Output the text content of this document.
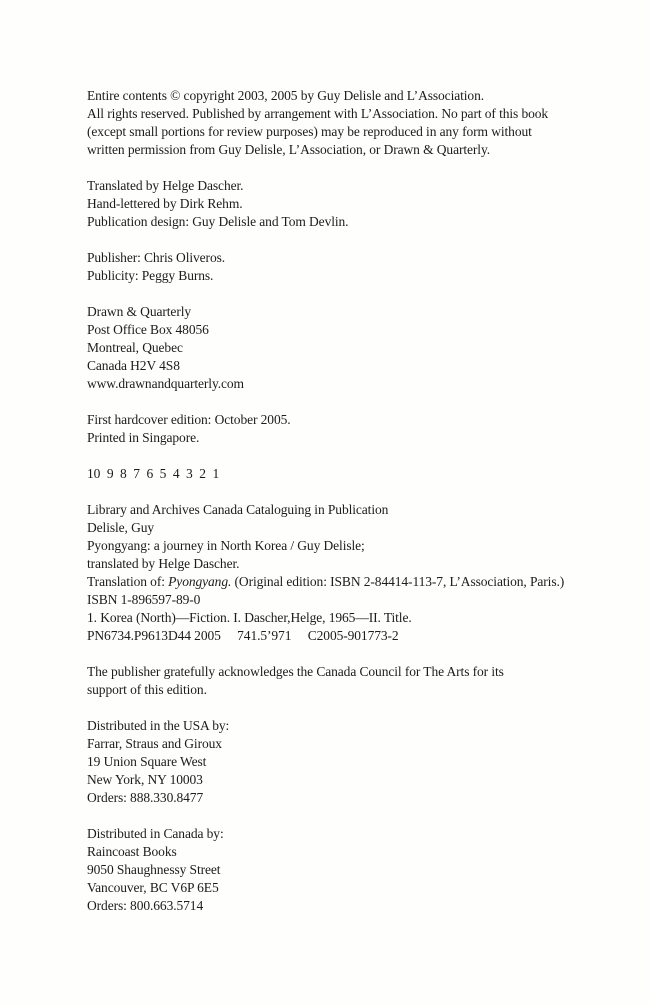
Entire contents © copyright 2003, 2005 by Guy Delisle and L’Association.
All rights reserved. Published by arrangement with L’Association. No part of this book
(except small portions for review purposes) may be reproduced in any form without
written permission from Guy Delisle, L’Association, or Drawn & Quarterly.

Translated by Helge Dascher.
Hand-lettered by Dirk Rehm.
Publication design: Guy Delisle and Tom Devlin.

Publisher: Chris Oliveros.
Publicity: Peggy Burns.

Drawn & Quarterly
Post Office Box 48056
Montreal, Quebec
Canada H2V 4S8
www.drawnandquarterly.com

First hardcover edition: October 2005.
Printed in Singapore.

10  9  8  7  6  5  4  3  2  1

Library and Archives Canada Cataloguing in Publication
Delisle, Guy
Pyongyang: a journey in North Korea / Guy Delisle;
translated by Helge Dascher.
Translation of: Pyongyang. (Original edition: ISBN 2-84414-113-7, L’Association, Paris.)
ISBN 1-896597-89-0
1. Korea (North)—Fiction. I. Dascher,Helge, 1965—II. Title.
PN6734.P9613D44 2005     741.5’971     C2005-901773-2

The publisher gratefully acknowledges the Canada Council for The Arts for its
support of this edition.

Distributed in the USA by:
Farrar, Straus and Giroux
19 Union Square West
New York, NY 10003
Orders: 888.330.8477

Distributed in Canada by:
Raincoast Books
9050 Shaughnessy Street
Vancouver, BC V6P 6E5
Orders: 800.663.5714
